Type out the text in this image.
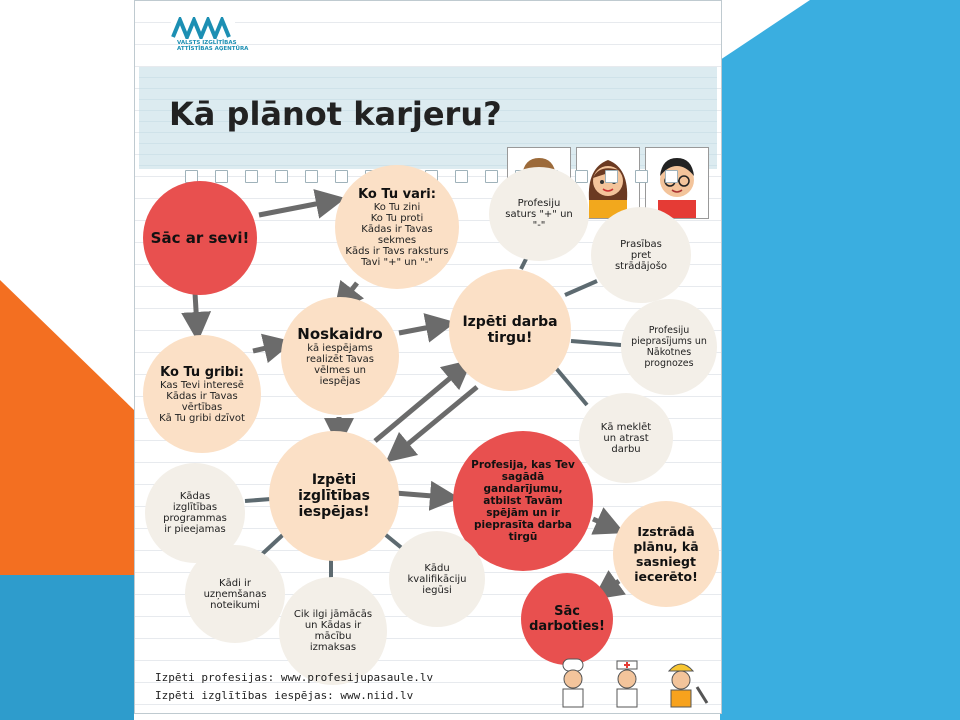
VALSTS IZGLĪTĪBAS
ATTĪSTĪBAS AĢENTŪRA
Kā plānot karjeru?
Sāc ar sevi!
Ko Tu vari:
Ko Tu zini
Ko Tu proti
Kādas ir Tavas sekmes
Kāds ir Tavs raksturs
Tavi "+" un "-"
Ko Tu gribi:
Kas Tevi interesē
Kādas ir Tavas vērtības
Kā Tu gribi dzīvot
Noskaidro
kā iespējams
realizēt Tavas
vēlmes un
iespējas
Izpēti darba tirgu!
Izpēti izglītības iespējas!
Profesija, kas Tev sagādā gandarījumu, atbilst Tavām spējām un ir pieprasīta darba tirgū	Izstrādā plānu, kā sasniegt iecerēto!
Sāc darboties!
Profesiju saturs "+" un "-"
Prasības pret strādājošo
Profesiju pieprasījums un Nākotnes prognozes
Kā meklēt un atrast darbu
Kādas izglītības programmas ir pieejamas
Kādi ir uzņemšanas noteikumi
Cik ilgi jāmācās un Kādas ir mācību izmaksas
Kādu kvalifikāciju iegūsi
Izpēti profesijas: www.profesijupasaule.lv
Izpēti izglītības iespējas: www.niid.lv
